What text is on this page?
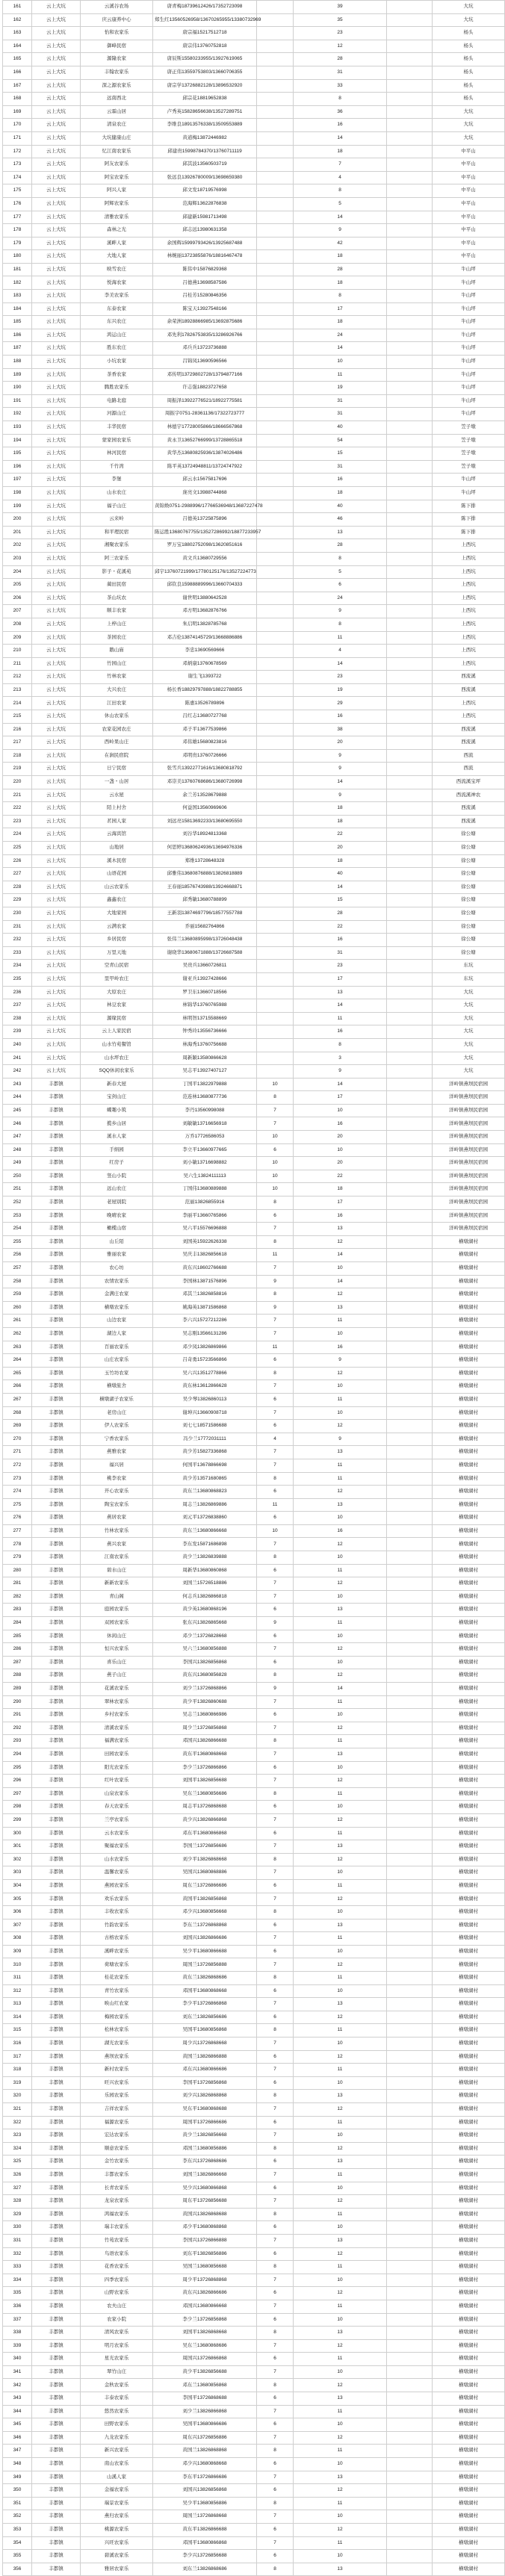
161	云上大坑	云溪谷农场	唐青梅18739612426/17352723098		39		大坑
162	云上大坑	庆云康养中心	郑生红13560526958/13670265955/13380732969		35		大坑
163	云上大坑	怡和农家乐	唐宗福15217512718		23		杨头
164	云上大坑	御峰民宿	唐宗伟13760752818		12		杨头
165	云上大坑	源隆农家	唐辰斯15580233955/13927619065		28		杨头
166	云上大坑	丰翰农家乐	唐正伟13559753803/13660706355		31		杨头
167	云上大坑	深之源农家乐	唐宗学13726882128/13896532920		33		杨头
168	云上大坑	远南西北	邱宗花18819652838		8		杨头
169	云上大坑	云霖山居	卢秀英15828656638/13527289751		36		大坑
170	云上大坑	清泉农庄	李维良18913576338/13509553889		16		大坑
171	云上大坑	大坑健康山庄	黄道梅13872446982		14		大坑
172	云上大坑	忆江南农家乐	邱建贵15998784370/13760711119		18		中平山
173	云上大坑	阿友农家乐	邱其波13560503719		7		中平山
174	云上大坑	阿宝农家乐	张远良13926780009/13698659380		4		中平山
175	云上大坑	阿兴人家	邱文发18719576998		8		中平山
176	云上大坑	阿辉农家乐	范海辉13622876838		5		中平山
177	云上大坑	清雅农家乐	邱建新15981713498		14		中平山
178	云上大坑	森林之光	邱志远13980631358		9		中平山
179	云上大坑	溪畔人家	余国辉15999793426/13925687488		42		中平山
180	云上大坑	大地人家	林婉丽13723855876/18816467478		18		中平山
181	云上大坑	映雪农庄	陈伟中15876829368		28		牛山坪
182	云上大坑	悦海农家	吕德燕13698587586		18		牛山坪
183	云上大坑	李美农家乐	吕桂芳15280846356		8		牛山坪
184	云上大坑	东泰农家	陈宝天13927548166		17		牛山坪
185	云上大坑	东兴农庄	余荣洲18928866985/13692875686		18		牛山坪
186	云上大坑	鸿运山庄	邓先利17826753835/13286926766		24		牛山坪
187	云上大坑	胜东农庄	邓兵兵13723736888		14		牛山坪
188	云上大坑	小坑农家	吕锦凤13690596566		10		牛山坪
189	云上大坑	茶香农家	邓传明13729802728/13794877166		11		牛山坪
190	云上大坑	腾胜农家乐	许志强18823727658		19		牛山坪
191	云上大坑	电路北庭	周振泽13922776521/18922775581		31		牛山坪
192	云上大坑	河源山庄	周振宇0751-28361136/17322723777		31		牛山坪
193	云上大坑	丰华民宿	林德宇17728005866/18666567868		40		笠子墩
194	云上大坑	蒙家园农家乐	黄永卫13652766999/13728865518		54		笠子墩
195	云上大坑	林河民宿	黄华杰13680825936/13874026486		15		笠子墩
196	云上大坑	千竹湾	陈平英13724948811/13724747922		31		笠子墩
197	云上大坑	李堡	邱云水15675817696		16		牛山坪
198	云上大坑	山水农庄	庞亮文13988744868		18		牛山坪
199	云上大坑	福子山庄	黄锦焕0751-2988996/17766536948/13687227478		40		陈下排
200	云上大坑	云来岭	吕德英13725875896		46		陈下排
201	云上大坑	和平理民宿	陈运胜13680767755/13527286992/18877233957		13		陈下排
202	云上大坑	湘聚农家乐	罗万宝18802752098/13620851616		28		上西坑
203	云上大坑	阿三农家乐	黄文兵13680729556		8		上西坑
204	云上大坑	影子・花溪苑	邱宇13760721999/17780125176/13527224773		5		上西坑
205	云上大坑	蔺田民宿	邱钦良15988889996/13660704333		6		上西坑
206	云上大坑	茶山坑农	谢世明13880642528		24		上西坑
207	云上大坑	顺丰农家	邓方明13682876766		9		上西坑
208	云上大坑	上梓山庄	朱启明13828785768		8		上西坑
209	云上大坑	茶园农庄	邓吉伦13874145729/13668886886		11		上西坑
210	云上大坑	鹅山庙	李忠13690569666		4		上西坑
211	云上大坑	竹园山庄	邓炳康13760678569		14		上西坑
212	云上大坑	竹林农家	谢生飞1393722		23		西流溪
213	云上大坑	大兴农庄	杨长香18829797888/18822788855		19		西流溪
214	云上大坑	江田农家	陈惠13526789896		29		上西坑
215	云上大坑	休山农家乐	吕红志13680727768		16		上西坑
216	云上大坑	农家花园农庄	邓子平13677539866		38		西流溪
217	云上大坑	西岭果山庄	邓伟雄15680823816		20		西流溪
218	云上大坑	在涧民宿院	邓明贵13760726666		9		西流
219	云上大坑	日宁民宿	张雪兵13922771616/13680818792		9		西流
220	云上大坑	一盏・山居	邓崇美13760768686/13680726998		14		西流溪宝坪
221	云上大坑	云水屋	余兰芳13528679888		9		西流溪神农
222	云上大坑	陌上村舍	何益国13560969606		18		西流溪
223	云上大坑	茗园人家	刘远亮15813692233/13680695550		18		西流溪
224	云上大坑	云海宾馆	刘谷华18924813368		22		徐公塘
225	云上大坑	山地居	何思婷13680624936/13694976336		20		徐公塘
226	云上大坑	溪木民宿	郑维13728648328		18		徐公塘
227	云上大坑	山语花园	邱雅伟13680876888/13826818889		40		徐公塘
228	云上大坑	山云农家乐	王春丽18576743988/13924668871		14		徐公塘
229	云上大坑	鑫鑫农庄	邱秀敏13680788899		15		徐公塘
230	云上大坑	大地家园	王新羽13874697796/18577557788		28		徐公塘
231	云上大坑	云满农家	乔丽15682764866		22		徐公塘
232	云上大坑	乡居民宿	张伟兰13680895998/13726048438		16		徐公塘
233	云上大坑	万里天地	谢晓华13680671888/13726687588		31		徐公塘
234	云上大坑	空青山民宿	吴贵兵13660726811		23		东坑
235	云上大坑	里甲岭农庄	谢亚兵13927428666		17		东坑
236	云上大坑	大原农庄	罗卫东13660718566		13		大坑
237	云上大坑	林豆农家	林锦华13760765988		14		大坑
238	云上大坑	源缘民宿	林明智13715588669		11		大坑
239	云上大坑	云上人家民宿	钟秀玲13556736666		16		大坑
240	云上大坑	山水竹苑餐馆	林海秀13760756688		8		大坑
241	云上大坑	山水坪农庄	周新颖13580866628		3		大坑
242	云上大坑	SQQ休闲农家乐	吴志平13927407127		9		大坑
243	丰都镇	新春大屋	丁国平13822979888	10	14		洋岭镇燕坝民宿园
244	丰都镇	宝剑山庄	范连林13680877736	8	17		洋岭镇燕坝民宿园
245	丰都镇	蝶趣小筑	李丹13560998088	7	10		洋岭镇燕坝民宿园
246	丰都镇	揽乡山居	刘敏敏13716656918	7	16		洋岭镇燕坝民宿园
247	丰都镇	溪水人家	万乔17726586053	10	20		洋岭镇燕坝民宿园
248	丰都镇	手绢园	李立平13660977665	6	10		洋岭镇燕坝民宿园
249	丰都镇	红房子	刘小敏13716698882	10	20		洋岭镇燕坝民宿园
250	丰都镇	竖山小院	吴六生13824111113	10	22		洋岭镇燕坝民宿园
251	丰都镇	远山农庄	丁国伟13680889888	10	18		洋岭镇燕坝民宿园
252	丰都镇	老屋别院	范丽13826855916	8	17		洋岭镇燕坝民宿园
253	丰都镇	晚晴农家	李丽平13660765866	6	16		洋岭镇燕坝民宿园
254	丰都镇	橄榄山宿	吴六平15576696888	7	13		洋岭镇燕坝民宿园
255	丰都镇	山丘陌	刘国英15922626338	8	12		横墩湖村
256	丰都镇	雅丽农家	吴庆丰13826856618	11	14		横墩湖村
257	丰都镇	农心坊	黄东兴18602766688	7	10		横墩湖村
258	丰都镇	农情农家乐	李国林13871576896	9	14		横墩湖村
259	丰都镇	金满庄农家	邓其兰13826858816	8	12		横墩湖村
260	丰都镇	横墩农家乐	姚海英13871586868	9	13		横墩湖村
261	丰都镇	山边农家	李六兴15727212286	7	11		横墩湖村
262	丰都镇	湖边人家	吴志刚13566131286	7	10		横墩湖村
263	丰都镇	百丽农家乐	邓少凤13826869866	11	16		横墩湖村
264	丰都镇	山庄农家乐	吕奇勇15723566866	6	9		横墩湖村
265	丰都镇	玉竹坊农家	吴六兴13512778866	8	12		横墩湖村
266	丰都镇	横墩旅舍	黄东林13612866628	7	10		横墩湖村
267	丰都镇	横墩湖子农家乐	吴少琴13826860113	6	11		横墩湖村
268	丰都镇	老房山庄	谢坤兴13660908718	7	10		横墩湖村
269	丰都镇	伊人农家乐	刘七七18571586688	6	12		横墩湖村
270	丰都镇	宁香农家乐	冯少兰17772031111	4	9		横墩湖村
271	丰都镇	燕雅农家	黄少芳15827336868	7	13		横墩湖村
272	丰都镇	福兴居	何国平13678866698	7	11		横墩湖村
273	丰都镇	桃李农家	黄少芳13571680865	8	11		横墩湖村
274	丰都镇	开心农家乐	黄东兰13680868823	6	12		横墩湖村
275	丰都镇	陶宝农家乐	周志兰13826869886	11	13		横墩湖村
276	丰都镇	燕居农家	刘元平13726838860	6	10		横墩湖村
277	丰都镇	竹林农家乐	黄东兰13680866668	10	16		横墩湖村
278	丰都镇	燕兴农家	李东发15871686898	7	12		横墩湖村
279	丰都镇	江南农家乐	黄少兰13826839888	8	10		横墩湖村
280	丰都镇	碧水山庄	周新华13680860868	6	11		横墩湖村
281	丰都镇	新新农家乐	刘国兰15726518886	7	12		横墩湖村
282	丰都镇	青山阁	何志兵13826866818	7	10		横墩湖村
283	丰都镇	庭园农家乐	黄少英13680868196	6	13		横墩湖村
284	丰都镇	双园农家乐	张东兴13826865668	9	11		横墩湖村
285	丰都镇	休闲山庄	邓少兰13726828668	6	10		横墩湖村
286	丰都镇	恒兴农家乐	吴六兰13680856888	7	12		横墩湖村
287	丰都镇	喜乐山庄	李国兴13826856868	6	10		横墩湖村
288	丰都镇	燕子山庄	黄东兴13680856828	8	12		横墩湖村
289	丰都镇	花溪农家乐	刘少兰13726868866	9	14		横墩湖村
290	丰都镇	翠林农家乐	黄少平13826860688	7	11		横墩湖村
291	丰都镇	乡村农家乐	吴志兰13680866986	6	10		横墩湖村
292	丰都镇	清溪农家乐	周少兰13726856868	7	12		横墩湖村
293	丰都镇	福满农家乐	邓国兴13826866688	8	11		横墩湖村
294	丰都镇	田园农家乐	黄东平13680868668	7	13		横墩湖村
295	丰都镇	阳光农家乐	李少兰13726866866	6	10		横墩湖村
296	丰都镇	红叶农家乐	刘国平13826856688	7	12		横墩湖村
297	丰都镇	山泉农家乐	吴东兰13680856686	8	11		横墩湖村
298	丰都镇	春天农家乐	周志平13726868688	6	10		横墩湖村
299	丰都镇	兰亭农家乐	黄少兴13826866868	7	12		横墩湖村
300	丰都镇	云水农家乐	邓东平13680866868	6	11		横墩湖村
301	丰都镇	聚福农家乐	李国兰13726856686	7	13		横墩湖村
302	丰都镇	山水农家乐	刘少平13826868668	8	12		横墩湖村
303	丰都镇	温馨农家乐	吴国兴13680868886	7	10		横墩湖村
304	丰都镇	燕园农家乐	周东兰13726866686	6	11		横墩湖村
305	丰都镇	欢乐农家乐	黄国平13826856868	7	12		横墩湖村
306	丰都镇	丰收农家乐	邓少兴13680856668	8	10		横墩湖村
307	丰都镇	竹韵农家乐	李东兰13726868868	6	13		横墩湖村
308	丰都镇	古榕农家乐	刘国兴13826866686	7	11		横墩湖村
309	丰都镇	溪畔农家乐	吴少平13680866688	6	10		横墩湖村
310	丰都镇	荷塘农家乐	周国兰13726856888	7	12		横墩湖村
311	丰都镇	桂花农家乐	黄东兰13826868686	8	11		横墩湖村
312	丰都镇	青竹农家乐	邓国平13680868668	6	10		横墩湖村
313	丰都镇	映山红农家	李少平13726866868	7	13		横墩湖村
314	丰都镇	梅园农家乐	刘东兰13826856686	6	12		横墩湖村
315	丰都镇	松林农家乐	吴国平13680856868	8	11		横墩湖村
316	丰都镇	湖光农家乐	周少兴13726868668	7	10		横墩湖村
317	丰都镇	燕坝农家乐	黄国兰13826866888	6	12		横墩湖村
318	丰都镇	新村农家乐	邓东兴13680866686	7	11		横墩湖村
319	丰都镇	旺兴农家乐	李国平13726856868	6	10		横墩湖村
320	丰都镇	乐园农家乐	刘少兴13826868868	8	13		横墩湖村
321	丰都镇	吉祥农家乐	吴东平13680868688	7	12		横墩湖村
322	丰都镇	福源农家乐	周国平13726866686	6	11		横墩湖村
323	丰都镇	宏达农家乐	黄少兰13826856668	7	10		横墩湖村
324	丰都镇	顺意农家乐	邓国兰13680856886	8	12		横墩湖村
325	丰都镇	金竹农家乐	李东兴13726868686	6	13		横墩湖村
326	丰都镇	丰都农家乐	刘国兰13826866668	7	11		横墩湖村
327	丰都镇	长青农家乐	吴少兴13680866868	6	10		横墩湖村
328	丰都镇	龙泉农家乐	周东平13726856688	7	12		横墩湖村
329	丰都镇	鸿福农家乐	黄国兴13826868688	8	11		横墩湖村
330	丰都镇	瑞丰农家乐	邓少平13680868868	6	10		横墩湖村
331	丰都镇	竹苑农家乐	李国兴13726866888	7	13		横墩湖村
332	丰都镇	鸟语农家乐	刘东平13826856886	6	12		横墩湖村
333	丰都镇	花香农家乐	吴国兰13680856688	8	11		横墩湖村
334	丰都镇	四季农家乐	周少平13726868868	7	10		横墩湖村
335	丰都镇	山野农家乐	黄东兴13826866686	6	12		横墩湖村
336	丰都镇	农夫山庄	邓国兴13680866668	7	11		横墩湖村
337	丰都镇	农家小院	李少兰13726856868	6	10		横墩湖村
338	丰都镇	清风农家乐	刘国平13826868668	8	13		横墩湖村
339	丰都镇	明月农家乐	吴东兰13680868686	7	12		横墩湖村
340	丰都镇	星光农家乐	周国兴13726866868	6	11		横墩湖村
341	丰都镇	翠竹山庄	黄少平13826856688	7	10		横墩湖村
342	丰都镇	金秋农家乐	邓东兰13680856868	8	12		横墩湖村
343	丰都镇	丰泰农家乐	李国平13726868688	6	13		横墩湖村
344	丰都镇	悠然农家乐	刘少兰13826866868	7	11		横墩湖村
345	丰都镇	田野农家乐	吴国平13680866686	6	10		横墩湖村
346	丰都镇	九龙农家乐	周东兴13726856886	7	12		横墩湖村
347	丰都镇	新兴农家乐	黄国兰13826868868	8	11		横墩湖村
348	丰都镇	南山农家乐	邓少兴13680868668	6	10		横墩湖村
349	丰都镇	山溪人家	李东平13726866686	7	13		横墩湖村
350	丰都镇	金福农家乐	刘国兴13826856868	6	12		横墩湖村
351	丰都镇	瑞景农家乐	吴少平13680856886	8	11		横墩湖村
352	丰都镇	燕归农家乐	周国兰13726868668	7	10		横墩湖村
353	丰都镇	桃源农家乐	黄东平13826866688	6	12		横墩湖村
354	丰都镇	兴旺农家乐	邓国平13680866868	7	11		横墩湖村
355	丰都镇	碧溪农家乐	李少兴13726856688	6	10		横墩湖村
356	丰都镇	雅居农家乐	刘东兰13826868686	8	13		横墩湖村
